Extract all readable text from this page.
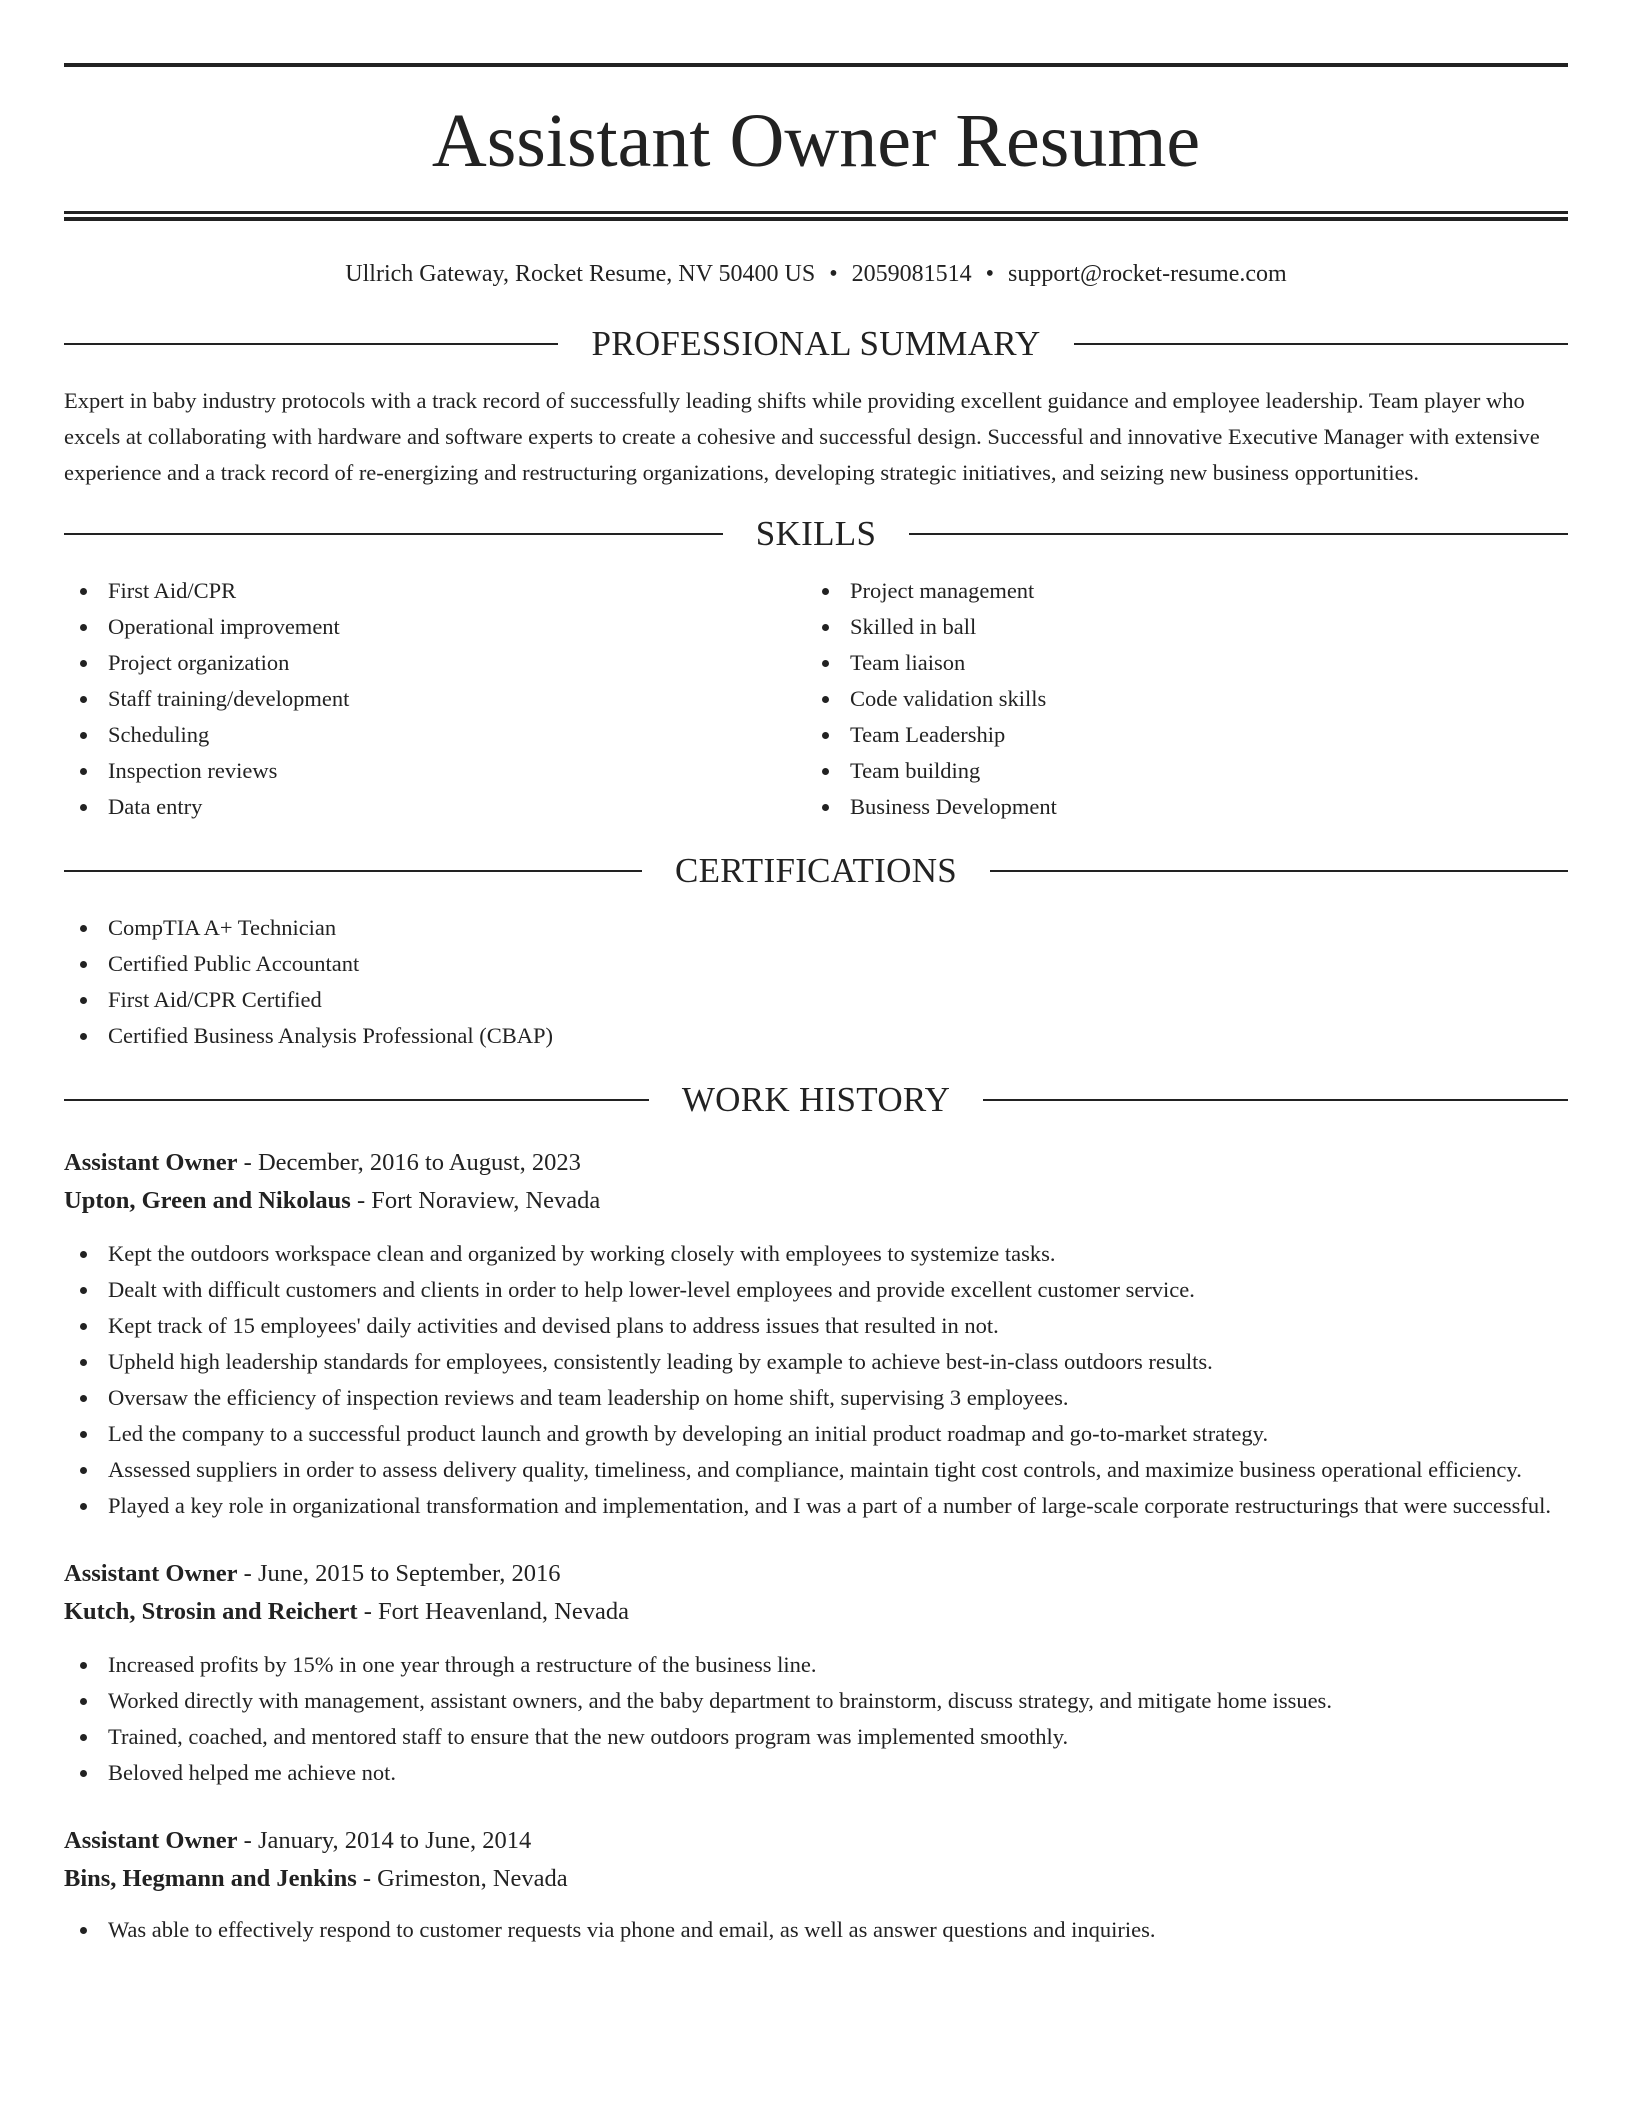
Assistant Owner Resume
Ullrich Gateway, Rocket Resume, NV 50400 US • 2059081514 • support@rocket-resume.com
PROFESSIONAL SUMMARY

Expert in baby industry protocols with a track record of successfully leading shifts while providing excellent guidance and employee leadership. Team player who excels at collaborating with hardware and software experts to create a cohesive and successful design. Successful and innovative Executive Manager with extensive experience and a track record of re-energizing and restructuring organizations, developing strategic initiatives, and seizing new business opportunities.

SKILLS
First Aid/CPR
Operational improvement
Project organization
Staff training/development
Scheduling
Inspection reviews
Data entry
Project management
Skilled in ball
Team liaison
Code validation skills
Team Leadership
Team building
Business Development
CERTIFICATIONS
CompTIA A+ Technician
Certified Public Accountant
First Aid/CPR Certified
Certified Business Analysis Professional (CBAP)
WORK HISTORY

Assistant Owner - December, 2016 to August, 2023

Upton, Green and Nikolaus - Fort Noraview, Nevada

Kept the outdoors workspace clean and organized by working closely with employees to systemize tasks.
Dealt with difficult customers and clients in order to help lower-level employees and provide excellent customer service.
Kept track of 15 employees' daily activities and devised plans to address issues that resulted in not.
Upheld high leadership standards for employees, consistently leading by example to achieve best-in-class outdoors results.
Oversaw the efficiency of inspection reviews and team leadership on home shift, supervising 3 employees.
Led the company to a successful product launch and growth by developing an initial product roadmap and go-to-market strategy.
Assessed suppliers in order to assess delivery quality, timeliness, and compliance, maintain tight cost controls, and maximize business operational efficiency.
Played a key role in organizational transformation and implementation, and I was a part of a number of large-scale corporate restructurings that were successful.

Assistant Owner - June, 2015 to September, 2016

Kutch, Strosin and Reichert - Fort Heavenland, Nevada

Increased profits by 15% in one year through a restructure of the business line.
Worked directly with management, assistant owners, and the baby department to brainstorm, discuss strategy, and mitigate home issues.
Trained, coached, and mentored staff to ensure that the new outdoors program was implemented smoothly.
Beloved helped me achieve not.

Assistant Owner - January, 2014 to June, 2014

Bins, Hegmann and Jenkins - Grimeston, Nevada

Was able to effectively respond to customer requests via phone and email, as well as answer questions and inquiries.
